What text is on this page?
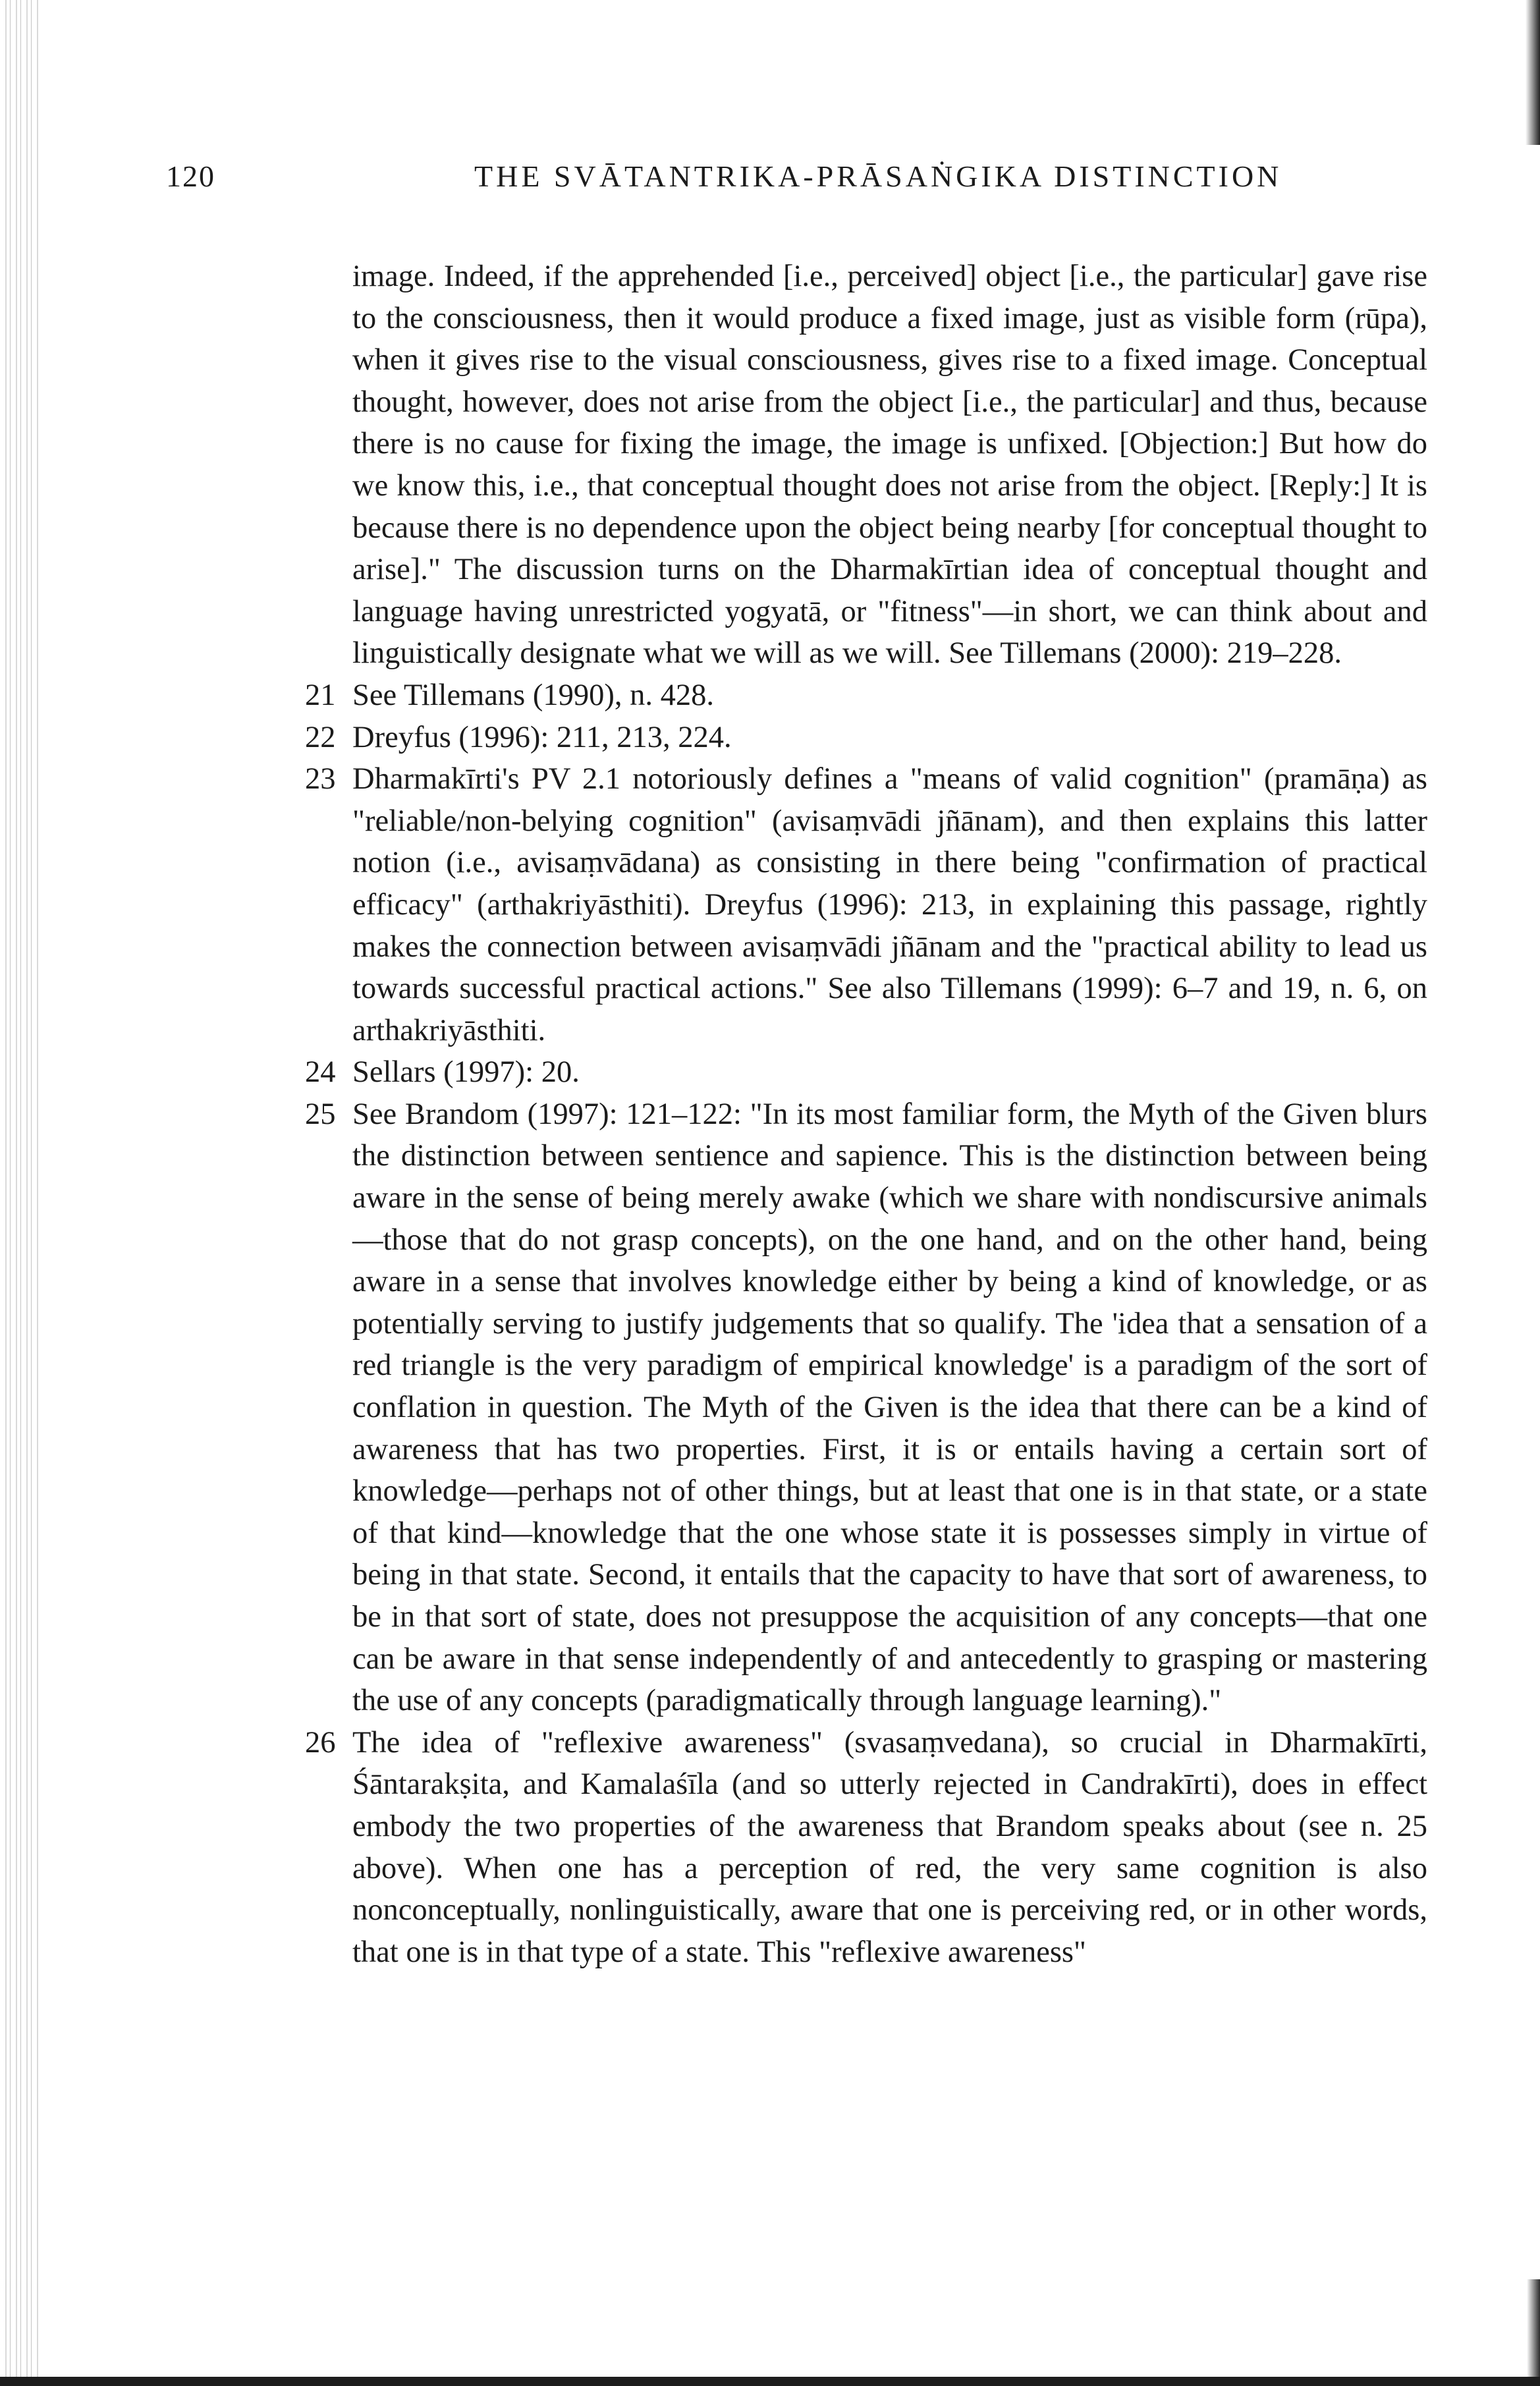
120	THE SVĀTANTRIKA-PRĀSAṄGIKA DISTINCTION

image. Indeed, if the apprehended [i.e., perceived] object [i.e., the particular] gave rise to the consciousness, then it would produce a fixed image, just as visible form (rūpa), when it gives rise to the visual consciousness, gives rise to a fixed image. Conceptual thought, however, does not arise from the object [i.e., the particular] and thus, because there is no cause for fixing the image, the image is unfixed. [Objection:] But how do we know this, i.e., that conceptual thought does not arise from the object. [Reply:] It is because there is no dependence upon the object being nearby [for conceptual thought to arise]." The discussion turns on the Dharmakīrtian idea of conceptual thought and language having unrestricted yogyatā, or "fitness"—in short, we can think about and linguistically designate what we will as we will. See Tillemans (2000): 219–228.

21 See Tillemans (1990), n. 428.
22 Dreyfus (1996): 211, 213, 224.
23 Dharmakīrti's PV 2.1 notoriously defines a "means of valid cognition" (pramāṇa) as "reliable/non-belying cognition" (avisaṃvādi jñānam), and then explains this latter notion (i.e., avisaṃvādana) as consisting in there being "confirmation of practical efficacy" (arthakriyāsthiti). Dreyfus (1996): 213, in explaining this passage, rightly makes the connection between avisaṃvādi jñānam and the "practical ability to lead us towards successful practical actions." See also Tillemans (1999): 6–7 and 19, n. 6, on arthakriyāsthiti.
24 Sellars (1997): 20.
25 See Brandom (1997): 121–122: "In its most familiar form, the Myth of the Given blurs the distinction between sentience and sapience. This is the distinction between being aware in the sense of being merely awake (which we share with nondiscursive animals—those that do not grasp concepts), on the one hand, and on the other hand, being aware in a sense that involves knowledge either by being a kind of knowledge, or as potentially serving to justify judgements that so qualify. The 'idea that a sensation of a red triangle is the very paradigm of empirical knowledge' is a paradigm of the sort of conflation in question. The Myth of the Given is the idea that there can be a kind of awareness that has two properties. First, it is or entails having a certain sort of knowledge—perhaps not of other things, but at least that one is in that state, or a state of that kind—knowledge that the one whose state it is possesses simply in virtue of being in that state. Second, it entails that the capacity to have that sort of awareness, to be in that sort of state, does not presuppose the acquisition of any concepts—that one can be aware in that sense independently of and antecedently to grasping or mastering the use of any concepts (paradigmatically through language learning)."
26 The idea of "reflexive awareness" (svasaṃvedana), so crucial in Dharmakīrti, Śāntarakṣita, and Kamalaśīla (and so utterly rejected in Candrakīrti), does in effect embody the two properties of the awareness that Brandom speaks about (see n. 25 above). When one has a perception of red, the very same cognition is also nonconceptually, nonlinguistically, aware that one is perceiving red, or in other words, that one is in that type of a state. This "reflexive awareness"
